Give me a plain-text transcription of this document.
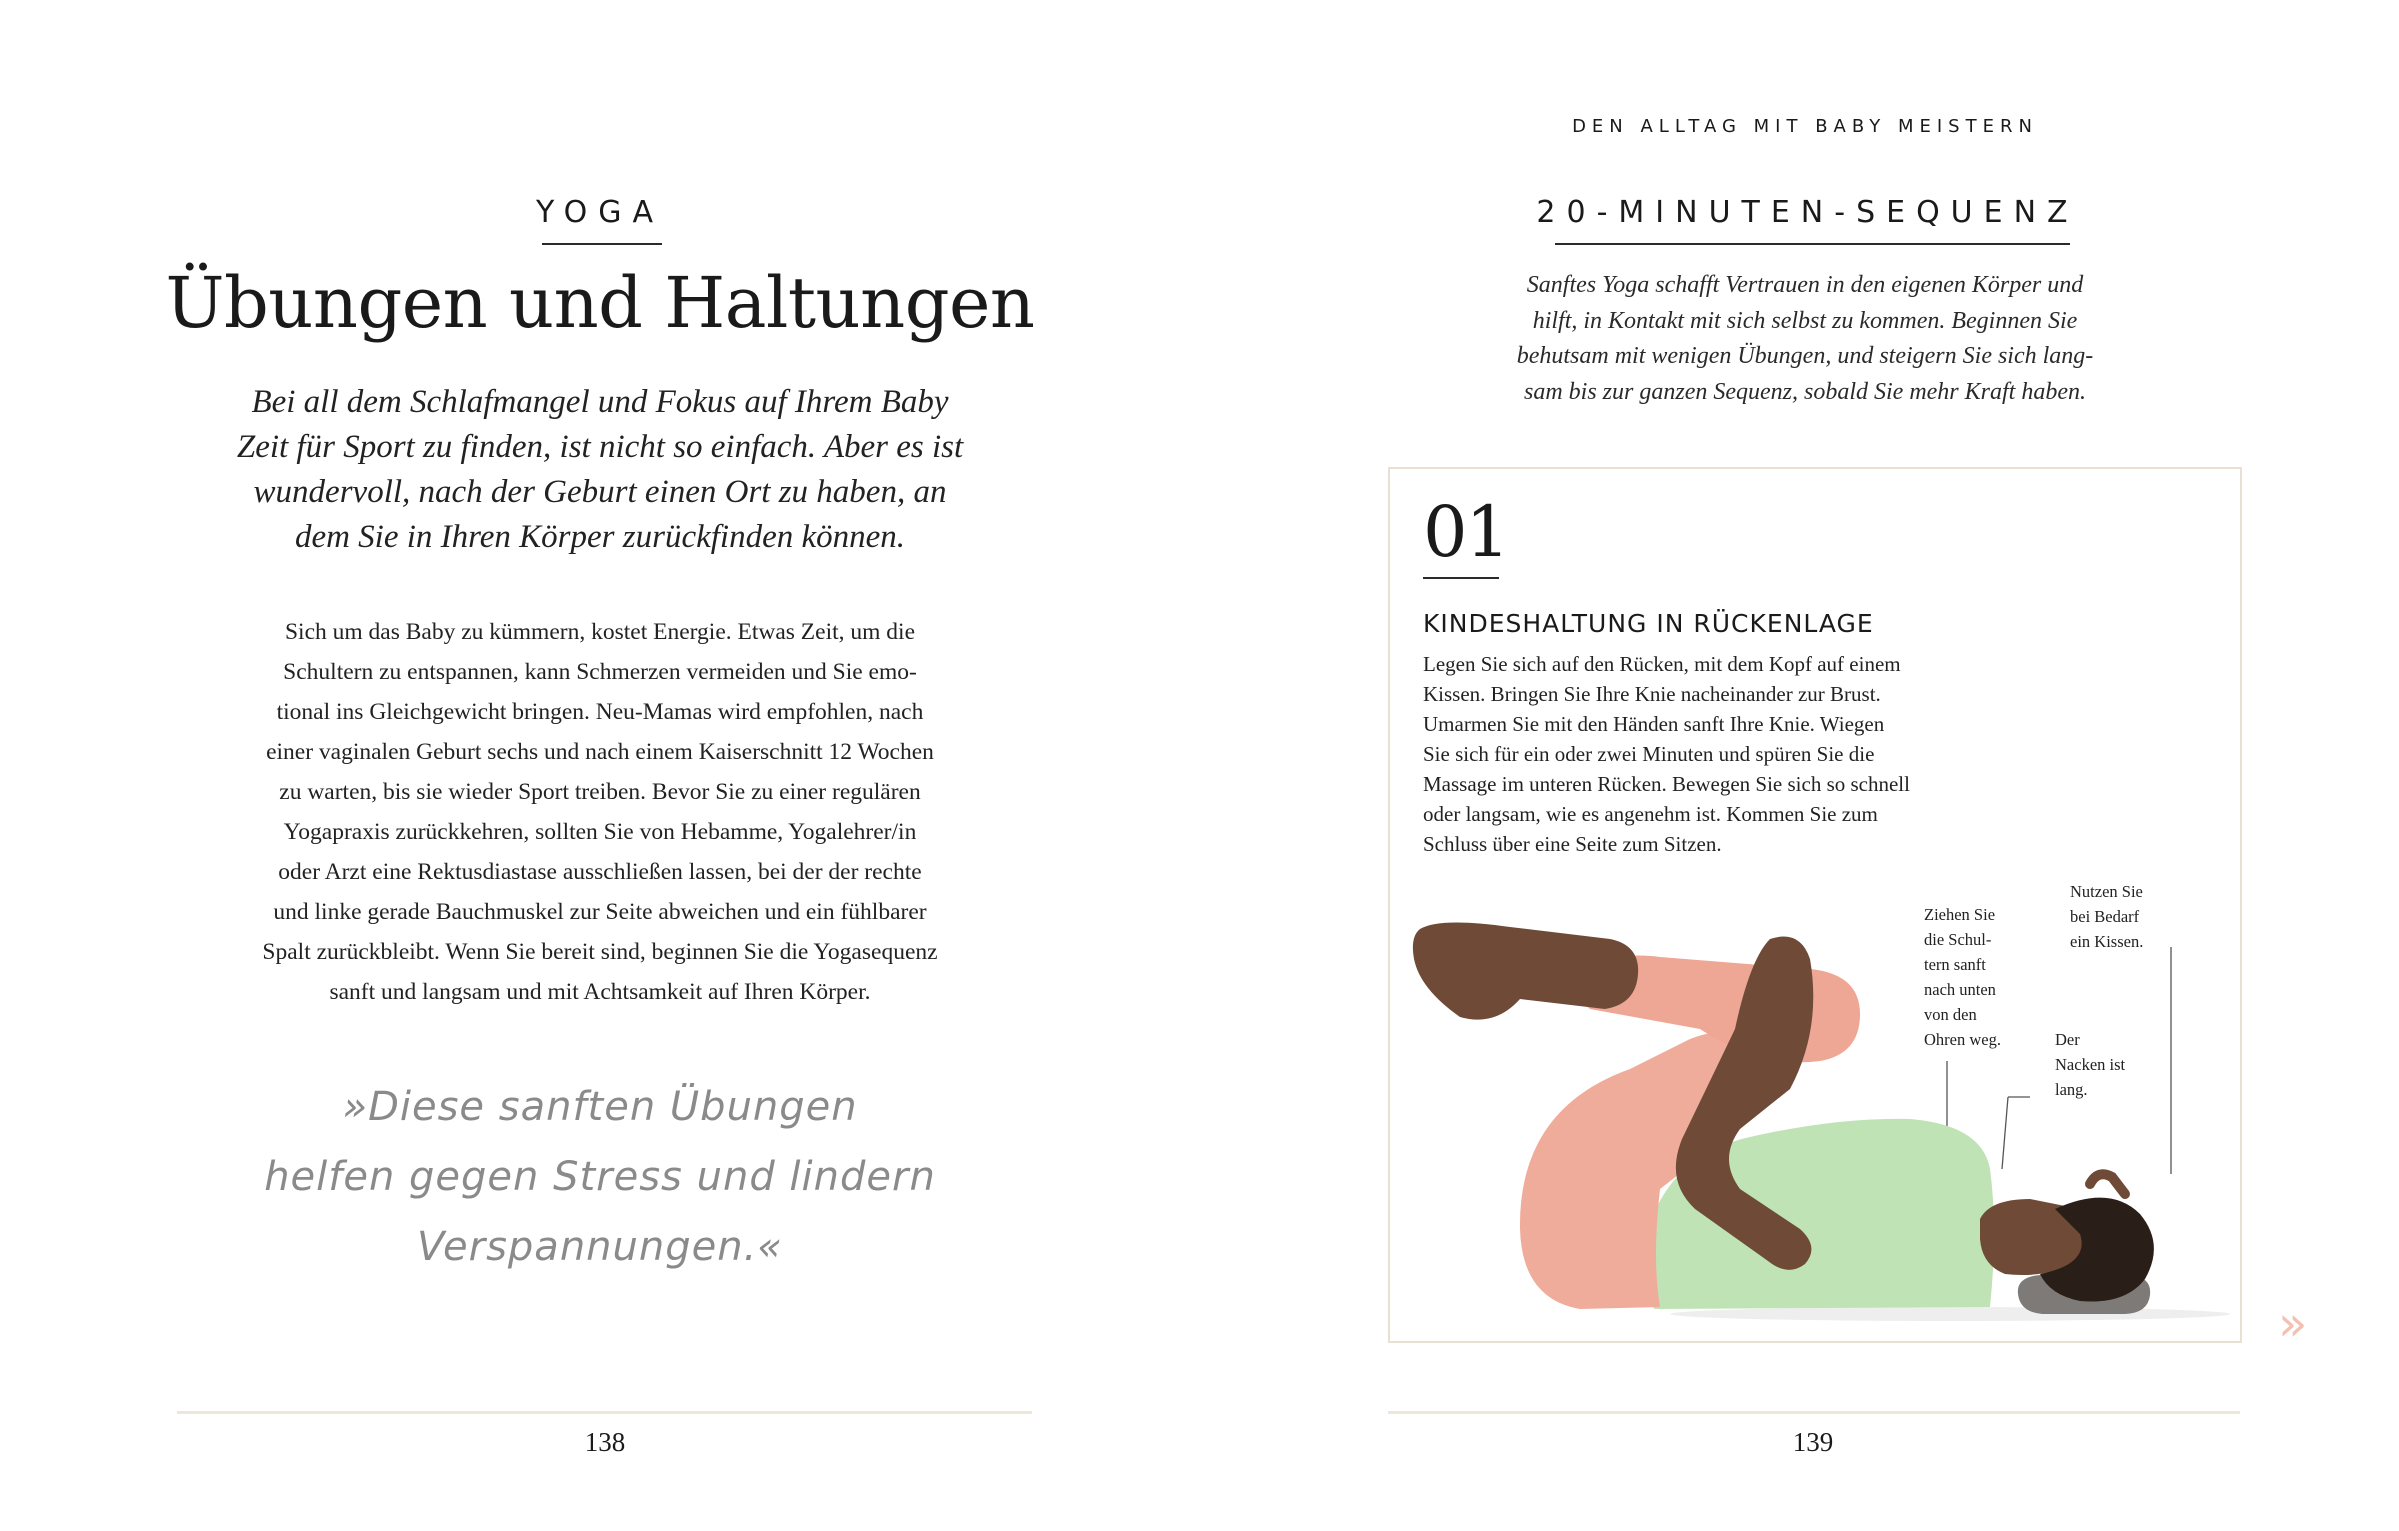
YOGA
Übungen und Haltungen
Bei all dem Schlafmangel und Fokus auf Ihrem Baby
Zeit für Sport zu finden, ist nicht so einfach. Aber es ist
wundervoll, nach der Geburt einen Ort zu haben, an
dem Sie in Ihren Körper zurückfinden können.
Sich um das Baby zu kümmern, kostet Energie. Etwas Zeit, um die
Schultern zu entspannen, kann Schmerzen vermeiden und Sie emo-
tional ins Gleichgewicht bringen. Neu-Mamas wird empfohlen, nach
einer vaginalen Geburt sechs und nach einem Kaiserschnitt 12 Wochen
zu warten, bis sie wieder Sport treiben. Bevor Sie zu einer regulären
Yogapraxis zurückkehren, sollten Sie von Hebamme, Yogalehrer/in
oder Arzt eine Rektusdiastase ausschließen lassen, bei der der rechte
und linke gerade Bauchmuskel zur Seite abweichen und ein fühlbarer
Spalt zurückbleibt. Wenn Sie bereit sind, beginnen Sie die Yogasequenz
sanft und langsam und mit Achtsamkeit auf Ihren Körper.
»Diese sanften Übungen
helfen gegen Stress und lindern
Verspannungen.«
138
DEN ALLTAG MIT BABY MEISTERN
20-MINUTEN-SEQUENZ
Sanftes Yoga schafft Vertrauen in den eigenen Körper und
hilft, in Kontakt mit sich selbst zu kommen. Beginnen Sie
behutsam mit wenigen Übungen, und steigern Sie sich lang-
sam bis zur ganzen Sequenz, sobald Sie mehr Kraft haben.
01
KINDESHALTUNG IN RÜCKENLAGE
Legen Sie sich auf den Rücken, mit dem Kopf auf einem
Kissen. Bringen Sie Ihre Knie nacheinander zur Brust.
Umarmen Sie mit den Händen sanft Ihre Knie. Wiegen
Sie sich für ein oder zwei Minuten und spüren Sie die
Massage im unteren Rücken. Bewegen Sie sich so schnell
oder langsam, wie es angenehm ist. Kommen Sie zum
Schluss über eine Seite zum Sitzen.
Ziehen Sie
die Schul-
tern sanft
nach unten
von den
Ohren weg.
Nutzen Sie
bei Bedarf
ein Kissen.
Der
Nacken ist
lang.
»
139
